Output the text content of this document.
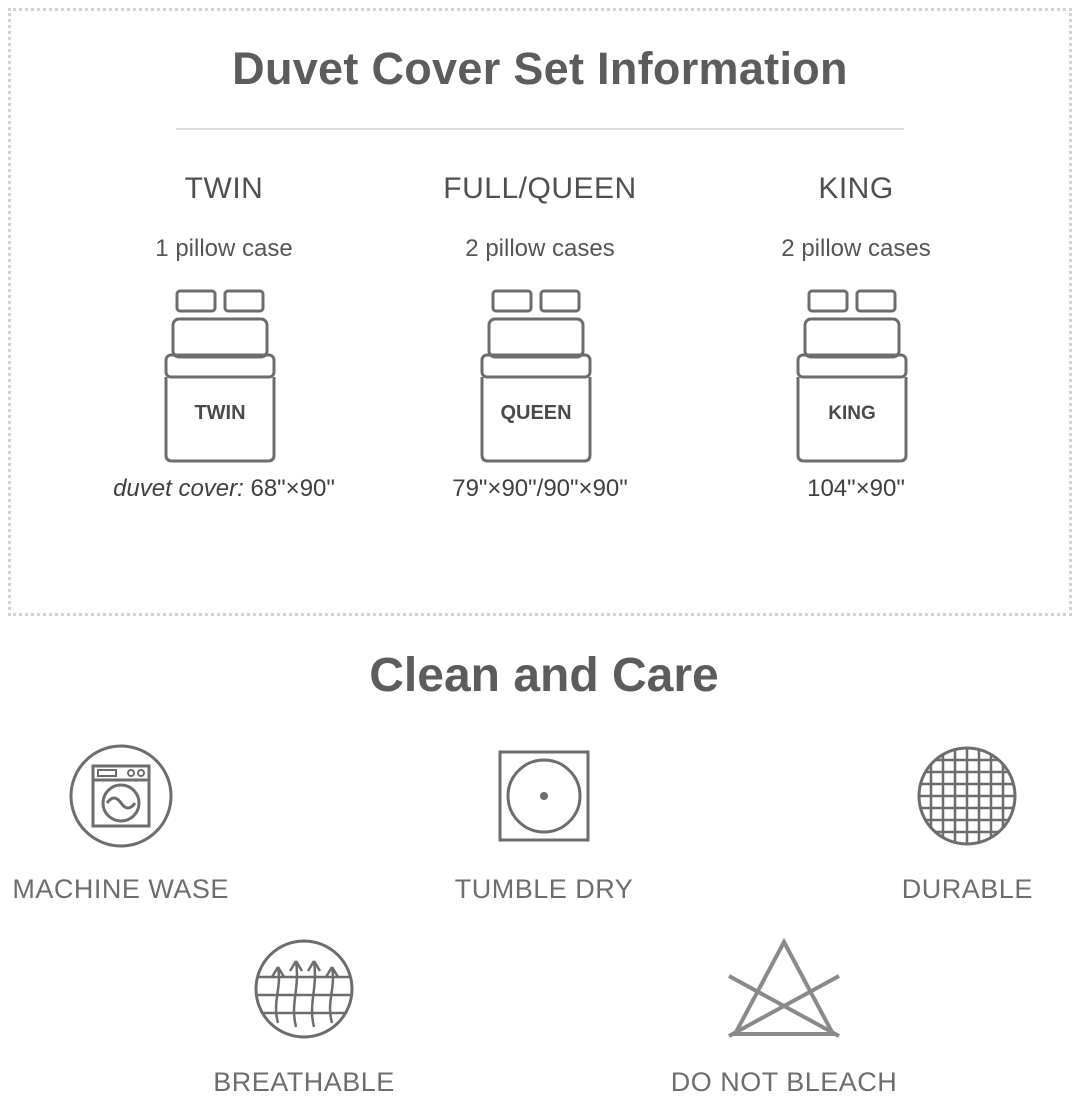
Duvet Cover Set Information
TWIN
1 pillow case
TWIN
duvet cover: 68"×90"
FULL/QUEEN
2 pillow cases
QUEEN
79"×90"/90"×90"
KING
2 pillow cases
KING
104"×90"
Clean and Care
MACHINE WASE	TUMBLE DRY	DURABLE
BREATHABLE	DO NOT BLEACH
